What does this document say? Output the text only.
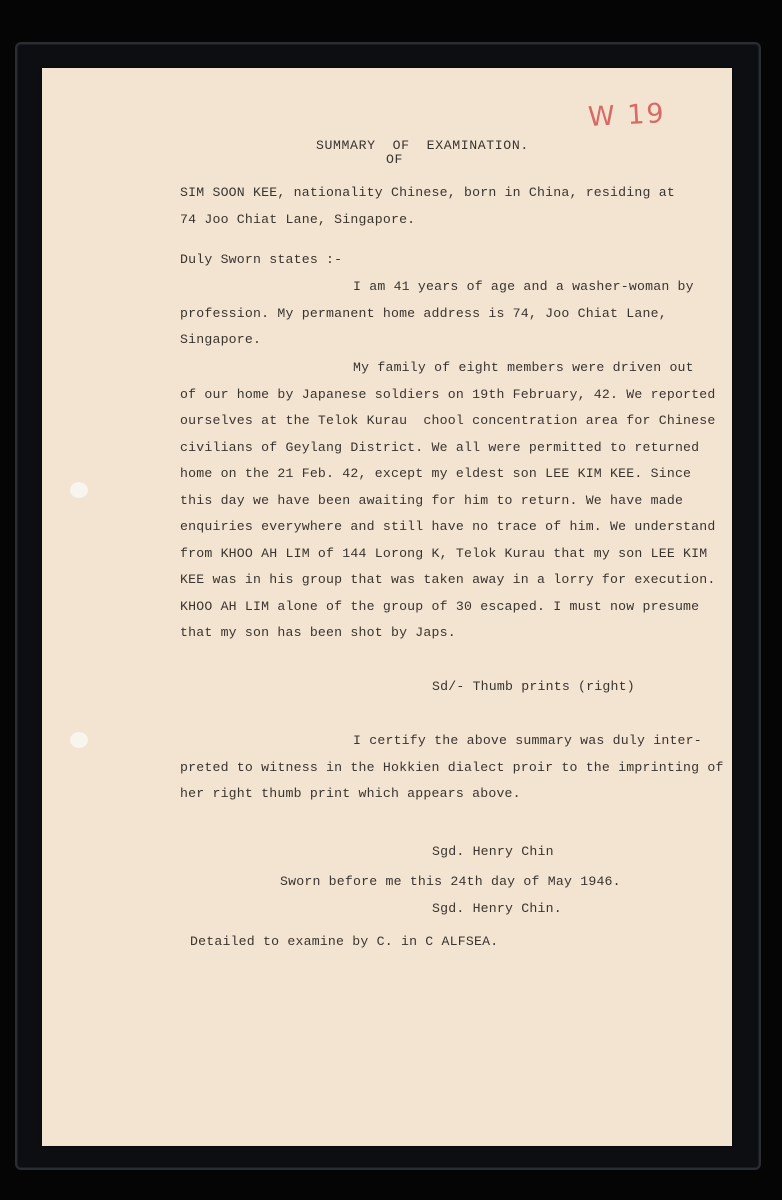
W 19
SUMMARY  OF  EXAMINATION.
OF
SIM SOON KEE, nationality Chinese, born in China, residing at
74 Joo Chiat Lane, Singapore.
Duly Sworn states :-
I am 41 years of age and a washer-woman by
profession. My permanent home address is 74, Joo Chiat Lane,
Singapore.
My family of eight members were driven out
of our home by Japanese soldiers on 19th February, 42. We reported
ourselves at the Telok Kurau  chool concentration area for Chinese
civilians of Geylang District. We all were permitted to returned
home on the 21 Feb. 42, except my eldest son LEE KIM KEE. Since
this day we have been awaiting for him to return. We have made
enquiries everywhere and still have no trace of him. We understand
from KHOO AH LIM of 144 Lorong K, Telok Kurau that my son LEE KIM
KEE was in his group that was taken away in a lorry for execution.
KHOO AH LIM alone of the group of 30 escaped. I must now presume
that my son has been shot by Japs.
Sd/- Thumb prints (right)
I certify the above summary was duly inter-
preted to witness in the Hokkien dialect proir to the imprinting of
her right thumb print which appears above.
Sgd. Henry Chin
Sworn before me this 24th day of May 1946.
Sgd. Henry Chin.
Detailed to examine by C. in C ALFSEA.
